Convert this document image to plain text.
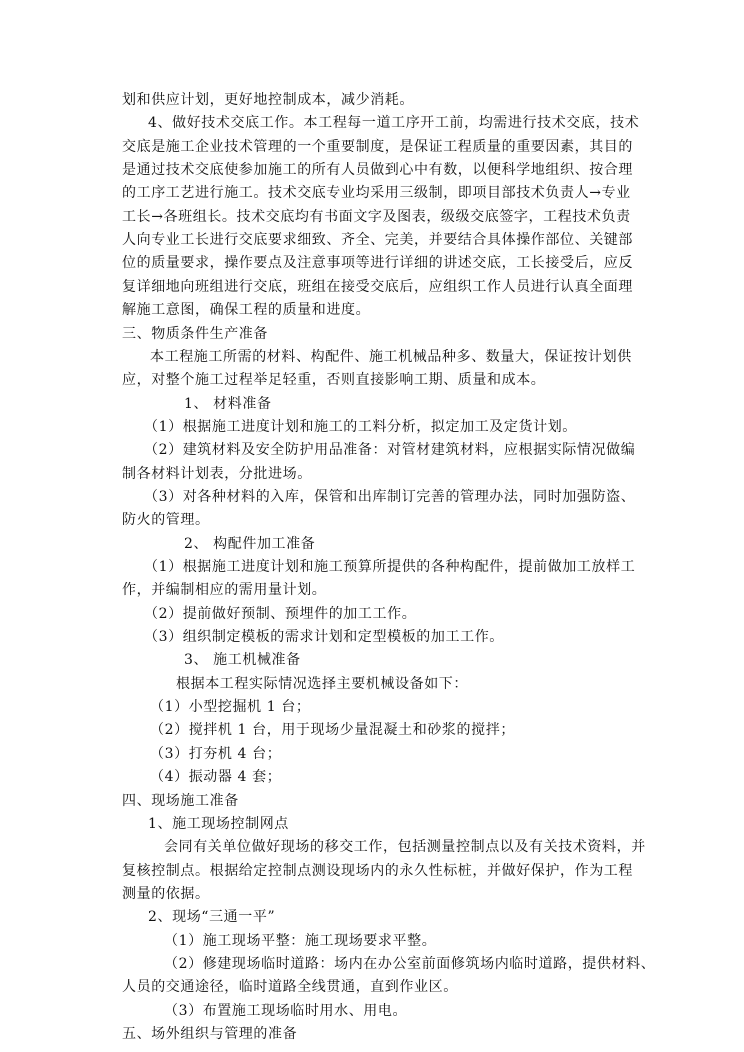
划和供应计划，更好地控制成本，减少消耗。
4、做好技术交底工作。本工程每一道工序开工前，均需进行技术交底，技术
交底是施工企业技术管理的一个重要制度，是保证工程质量的重要因素，其目的
是通过技术交底使参加施工的所有人员做到心中有数，以便科学地组织、按合理
的工序工艺进行施工。技术交底专业均采用三级制，即项目部技术负责人→专业
工长→各班组长。技术交底均有书面文字及图表，级级交底签字，工程技术负责
人向专业工长进行交底要求细致、齐全、完美，并要结合具体操作部位、关键部
位的质量要求，操作要点及注意事项等进行详细的讲述交底，工长接受后，应反
复详细地向班组进行交底，班组在接受交底后，应组织工作人员进行认真全面理
解施工意图，确保工程的质量和进度。
三、物质条件生产准备
本工程施工所需的材料、构配件、施工机械品种多、数量大，保证按计划供
应，对整个施工过程举足轻重，否则直接影响工期、质量和成本。
1、 材料准备
（1）根据施工进度计划和施工的工料分析，拟定加工及定货计划。
（2）建筑材料及安全防护用品准备：对管材建筑材料，应根据实际情况做编
制各材料计划表，分批进场。
（3）对各种材料的入库，保管和出库制订完善的管理办法，同时加强防盗、
防火的管理。
2、 构配件加工准备
（1）根据施工进度计划和施工预算所提供的各种构配件，提前做加工放样工
作，并编制相应的需用量计划。
（2）提前做好预制、预埋件的加工工作。
（3）组织制定模板的需求计划和定型模板的加工工作。
3、 施工机械准备
根据本工程实际情况选择主要机械设备如下：
（1）小型挖掘机 1 台；
（2）搅拌机 1 台，用于现场少量混凝土和砂浆的搅拌；
（3）打夯机 4 台；
（4）振动器 4 套；
四、现场施工准备
1、施工现场控制网点
会同有关单位做好现场的移交工作，包括测量控制点以及有关技术资料，并
复核控制点。根据给定控制点测设现场内的永久性标桩，并做好保护，作为工程
测量的依据。
2、现场“三通一平”
（1）施工现场平整：施工现场要求平整。
（2）修建现场临时道路：场内在办公室前面修筑场内临时道路，提供材料、
人员的交通途径，临时道路全线贯通，直到作业区。
（3）布置施工现场临时用水、用电。
五、场外组织与管理的准备
